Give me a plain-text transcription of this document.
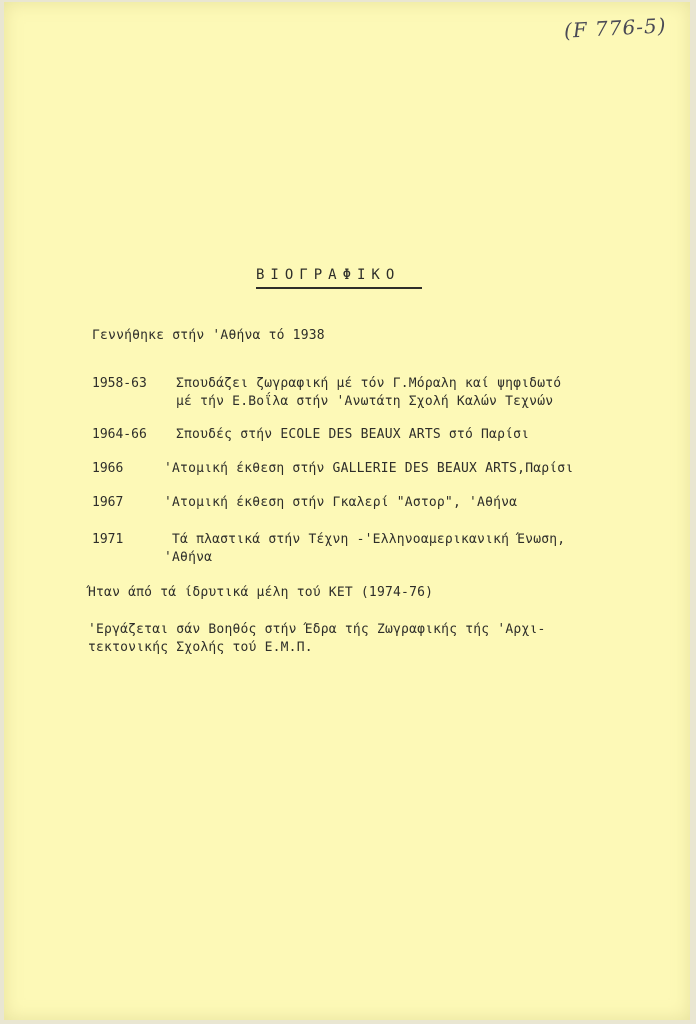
(F 776-5)
ΒΙΟΓΡΑΦΙΚΟ
Γεννήθηκε στήν 'Αθήνα τό 1938
1958-63 Σπουδάζει ζωγραφική μέ τόν Γ.Μόραλη καί ψηφιδωτό
μέ τήν Ε.Βοΐλα στήν 'Ανωτάτη Σχολή Καλών Τεχνών
1964-66 Σπουδές στήν ECOLE DES BEAUX ARTS στό Παρίσι
1966	'Ατομική έκθεση στήν GALLERIE DES BEAUX ARTS,Παρίσι
1967	'Ατομική έκθεση στήν Γκαλερί "Αστορ", 'Αθήνα
1971	Τά πλαστικά στήν Τέχνη -'Ελληνοαμερικανική Ένωση,
'Αθήνα
Ήταν άπό τά ίδρυτικά μέλη τού ΚΕΤ (1974-76)
'Εργάζεται σάν Βοηθός στήν Έδρα τής Ζωγραφικής τής 'Αρχι-
τεκτονικής Σχολής τού Ε.Μ.Π.
